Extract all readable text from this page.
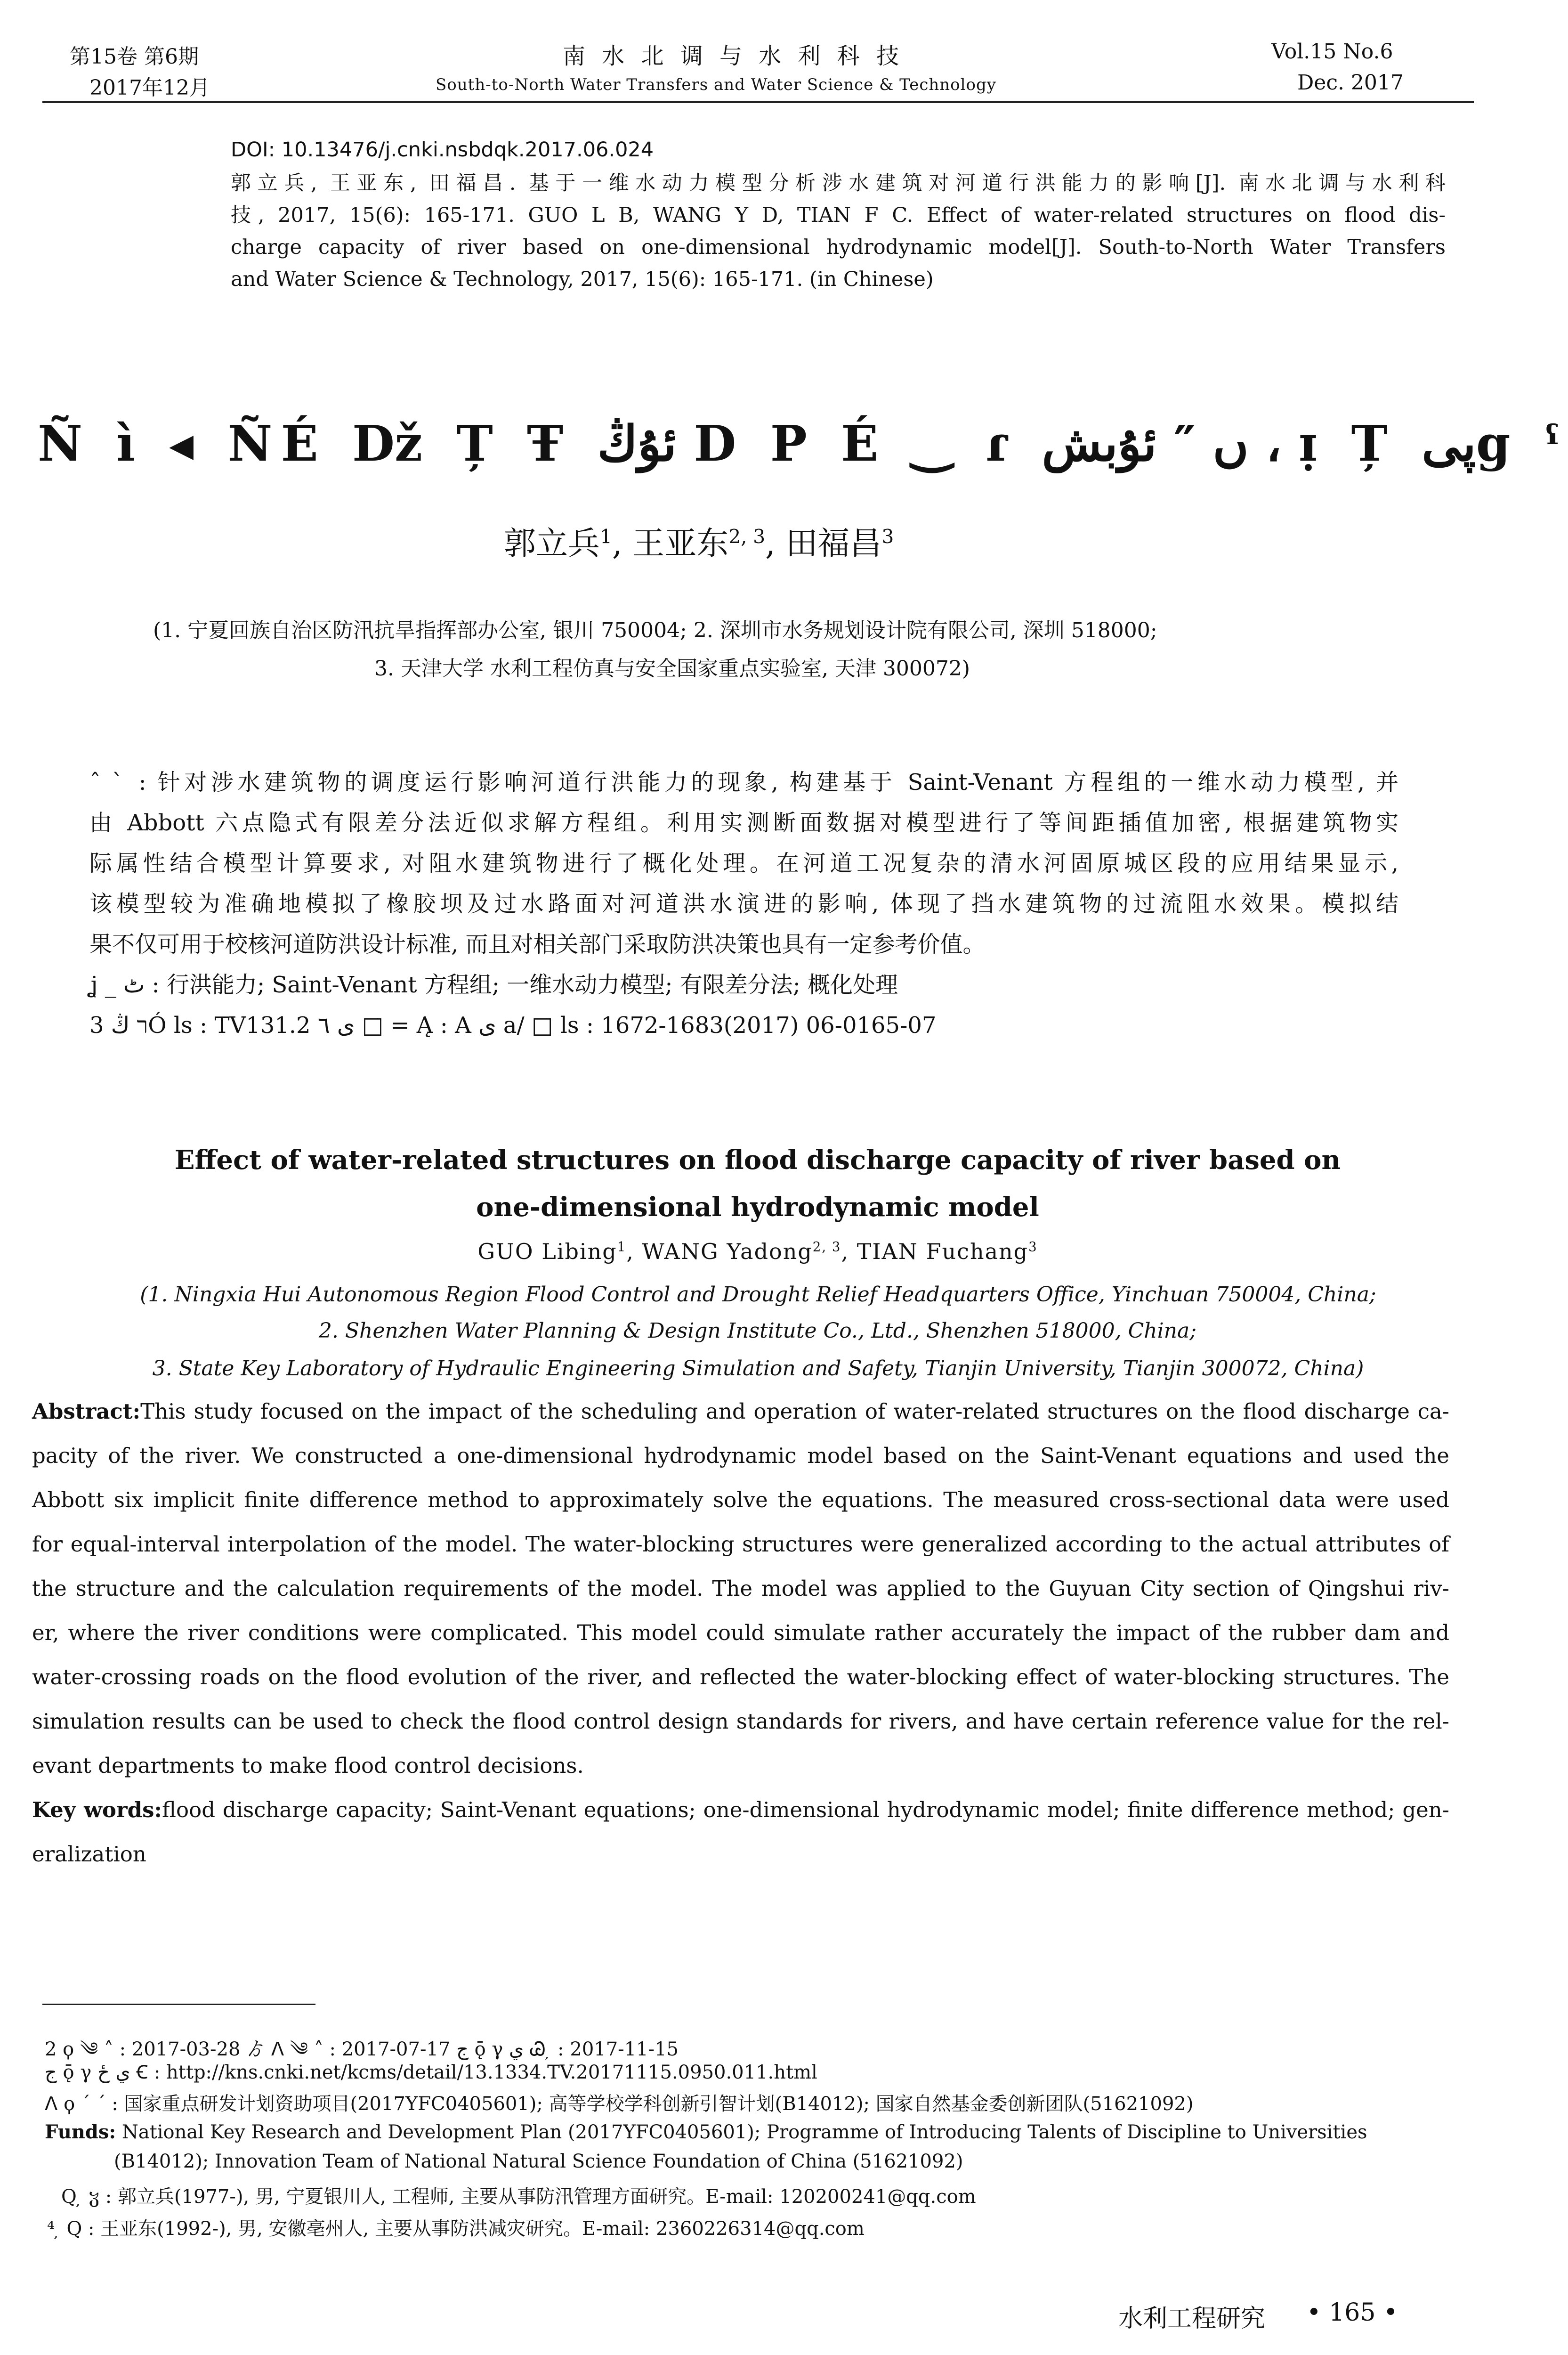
第15卷 第6期
2017年12月
南 水 北 调 与 水 利 科 技
South-to-North Water Transfers and Water Science & Technology
Vol.15 No.6
Dec. 2017
DOI: 10.13476/j.cnki.nsbdqk.2017.06.024
郭立兵, 王亚东, 田福昌. 基于一维水动力模型分析涉水建筑对河道行洪能力的影响[J]. 南水北调与水利科
技, 2017, 15(6): 165-171. GUO L B, WANG Y D, TIAN F C. Effect of water-related structures on flood dis-
charge capacity of river based on one-dimensional hydrodynamic model[J]. South-to-North Water Transfers
and Water Science & Technology, 2017, 15(6): 165-171. (in Chinese)
Ñ ì ◂ ÑÉ ǅ Ț Ŧ ئۇڭ D P É ‿ ɾ ں ″ ئۇبش ، ɪ̣ Ț پیg ˁ
郭立兵$^1$, 王亚东$^{2, 3}$, 田福昌$^3$
(1. 宁夏回族自治区防汛抗旱指挥部办公室, 银川 750004; 2. 深圳市水务规划设计院有限公司, 深圳 518000;
3. 天津大学 水利工程仿真与安全国家重点实验室, 天津 300072)
ˆ ˋ : 针对涉水建筑物的调度运行影响河道行洪能力的现象, 构建基于 Saint-Venant 方程组的一维水动力模型, 并
由 Abbott 六点隐式有限差分法近似求解方程组。利用实测断面数据对模型进行了等间距插值加密, 根据建筑物实
际属性结合模型计算要求, 对阻水建筑物进行了概化处理。在河道工况复杂的清水河固原城区段的应用结果显示,
该模型较为准确地模拟了橡胶坝及过水路面对河道洪水演进的影响, 体现了挡水建筑物的过流阻水效果。模拟结
果不仅可用于校核河道防洪设计标准, 而且对相关部门采取防洪决策也具有一定参考价值。
ʝ _ ٹ : 行洪能力; Saint-Venant 方程组; 一维水动力模型; 有限差分法; 概化处理
3 ר ڭÓ ls : TV131.2 ى ٦ □ = Ą : A ى a/ □ ls : 1672-1683(2017) 06-0165-07
Effect of water-related structures on flood discharge capacity of river based on
one-dimensional hydrodynamic model
GUO Libing$^1$, WANG Yadong$^{2, 3}$, TIAN Fuchang$^3$
(1. Ningxia Hui Autonomous Region Flood Control and Drought Relief Headquarters Office, Yinchuan 750004, China;
2. Shenzhen Water Planning & Design Institute Co., Ltd., Shenzhen 518000, China;
3. State Key Laboratory of Hydraulic Engineering Simulation and Safety, Tianjin University, Tianjin 300072, China)
Abstract:This study focused on the impact of the scheduling and operation of water-related structures on the flood discharge ca-
pacity of the river. We constructed a one-dimensional hydrodynamic model based on the Saint-Venant equations and used the
Abbott six implicit finite difference method to approximately solve the equations. The measured cross-sectional data were used
for equal-interval interpolation of the model. The water-blocking structures were generalized according to the actual attributes of
the structure and the calculation requirements of the model. The model was applied to the Guyuan City section of Qingshui riv-
er, where the river conditions were complicated. This model could simulate rather accurately the impact of the rubber dam and
water-crossing roads on the flood evolution of the river, and reflected the water-blocking effect of water-blocking structures. The
simulation results can be used to check the flood control design standards for rivers, and have certain reference value for the rel-
evant departments to make flood control decisions.
Key words:flood discharge capacity; Saint-Venant equations; one-dimensional hydrodynamic model; finite difference method; gen-
eralization
2 ϙ ༄ ˄ : 2017-03-28 ゟ ᐱ ༄ ˄ : 2017-07-17 ج ǭ γ ي Ꮚ ̦ : 2017-11-15
ج ǭ γ ي ځ Ꞓ : http://kns.cnki.net/kcms/detail/13.1334.TV.20171115.0950.011.html
ᐱ ϙ ˊ ˊ : 国家重点研发计划资助项目(2017YFC0405601); 高等学校学科创新引智计划(B14012); 国家自然基金委创新团队(51621092)
Funds: National Key Research and Development Plan (2017YFC0405601); Programme of Introducing Talents of Discipline to Universities
(B14012); Innovation Team of National Natural Science Foundation of China (51621092)
Q ̦ ჳ : 郭立兵(1977-), 男, 宁夏银川人, 工程师, 主要从事防汛管理方面研究。E-mail: 120200241@qq.com
⁴ ̦ Q : 王亚东(1992-), 男, 安徽亳州人, 主要从事防洪减灾研究。E-mail: 2360226314@qq.com
水利工程研究 • 165 •
